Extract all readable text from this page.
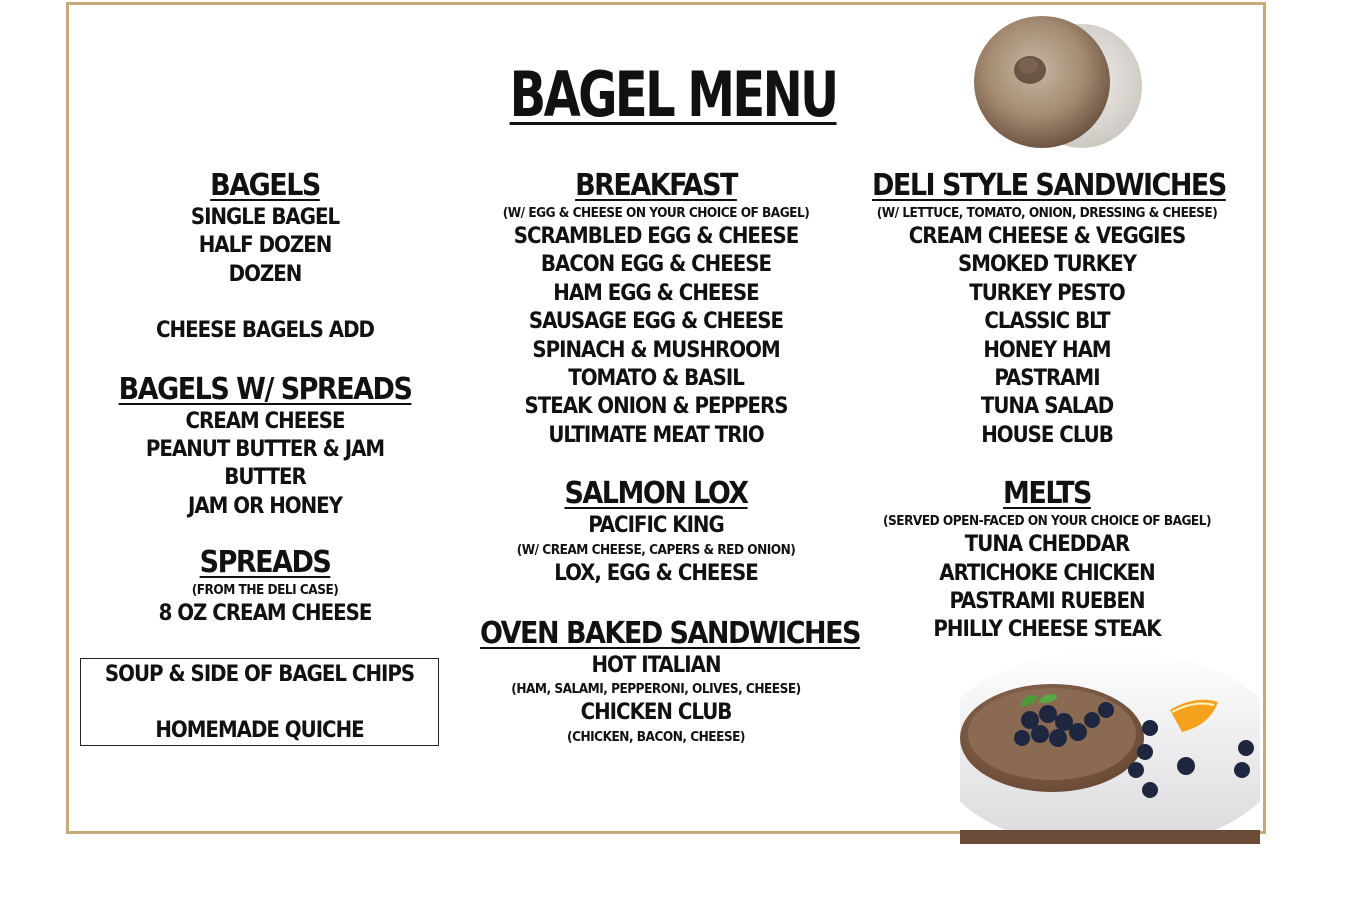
BAGEL MENU
BAGELS
SINGLE BAGEL
HALF DOZEN
DOZEN
CHEESE BAGELS ADD
BAGELS W/ SPREADS
CREAM CHEESE
PEANUT BUTTER & JAM
BUTTER
JAM OR HONEY
SPREADS
(FROM THE DELI CASE)
8 OZ CREAM CHEESE
SOUP & SIDE OF BAGEL CHIPS
HOMEMADE QUICHE
BREAKFAST
(W/ EGG & CHEESE ON YOUR CHOICE OF BAGEL)
SCRAMBLED EGG & CHEESE
BACON EGG & CHEESE
HAM EGG & CHEESE
SAUSAGE EGG & CHEESE
SPINACH & MUSHROOM
TOMATO & BASIL
STEAK ONION & PEPPERS
ULTIMATE MEAT TRIO
SALMON LOX
PACIFIC KING
(W/ CREAM CHEESE, CAPERS & RED ONION)
LOX, EGG & CHEESE
OVEN BAKED SANDWICHES
HOT ITALIAN
(HAM, SALAMI, PEPPERONI, OLIVES, CHEESE)
CHICKEN CLUB
(CHICKEN, BACON, CHEESE)
DELI STYLE SANDWICHES
(W/ LETTUCE, TOMATO, ONION, DRESSING & CHEESE)
CREAM CHEESE & VEGGIES
SMOKED TURKEY
TURKEY PESTO
CLASSIC BLT
HONEY HAM
PASTRAMI
TUNA SALAD
HOUSE CLUB
MELTS
(SERVED OPEN-FACED ON YOUR CHOICE OF BAGEL)
TUNA CHEDDAR
ARTICHOKE CHICKEN
PASTRAMI RUEBEN
PHILLY CHEESE STEAK
